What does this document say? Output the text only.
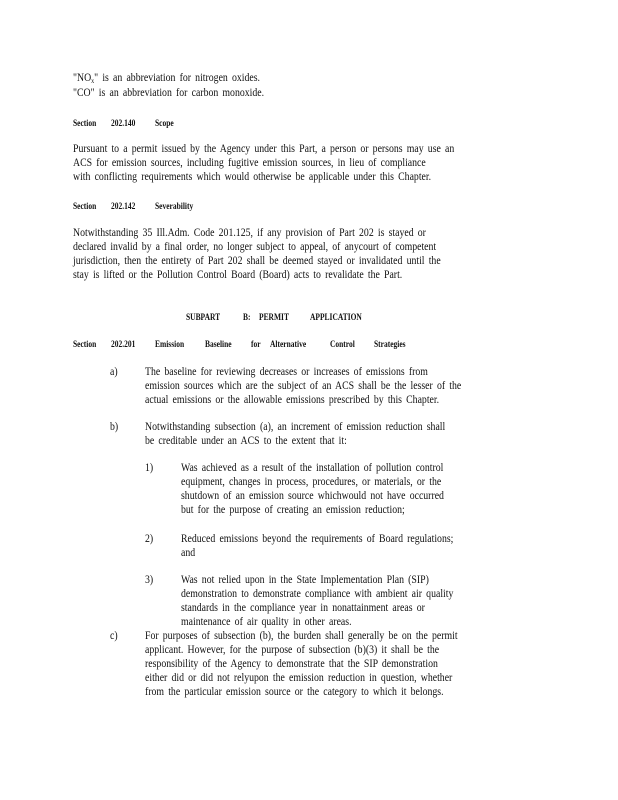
"$NO_x$" is an abbreviation for nitrogen oxides.
"CO" is an abbreviation for carbon monoxide.
Section 202.140 Scope
Pursuant to a permit issued by the Agency under this Part, a person or persons may use an
ACS for emission sources, including fugitive emission sources, in lieu of compliance
with conflicting requirements which would otherwise be applicable under this Chapter.
Section 202.142 Severability
Notwithstanding 35 Ill.Adm. Code 201.125, if any provision of Part 202 is stayed or
declared invalid by a final order, no longer subject to appeal, of anycourt of competent
jurisdiction, then the entirety of Part 202 shall be deemed stayed or invalidated until the
stay is lifted or the Pollution Control Board (Board) acts to revalidate the Part.
SUBPART B: PERMIT APPLICATION
Section 202.201 Emission Baseline for Alternative Control Strategies
a) The baseline for reviewing decreases or increases of emissions from
emission sources which are the subject of an ACS shall be the lesser of the
actual emissions or the allowable emissions prescribed by this Chapter.
b) Notwithstanding subsection (a), an increment of emission reduction shall
be creditable under an ACS to the extent that it:
1) Was achieved as a result of the installation of pollution control
equipment, changes in process, procedures, or materials, or the
shutdown of an emission source whichwould not have occurred
but for the purpose of creating an emission reduction;
2) Reduced emissions beyond the requirements of Board regulations;
and
3) Was not relied upon in the State Implementation Plan (SIP)
demonstration to demonstrate compliance with ambient air quality
standards in the compliance year in nonattainment areas or
maintenance of air quality in other areas.
c) For purposes of subsection (b), the burden shall generally be on the permit
applicant. However, for the purpose of subsection (b)(3) it shall be the
responsibility of the Agency to demonstrate that the SIP demonstration
either did or did not relyupon the emission reduction in question, whether
from the particular emission source or the category to which it belongs.
